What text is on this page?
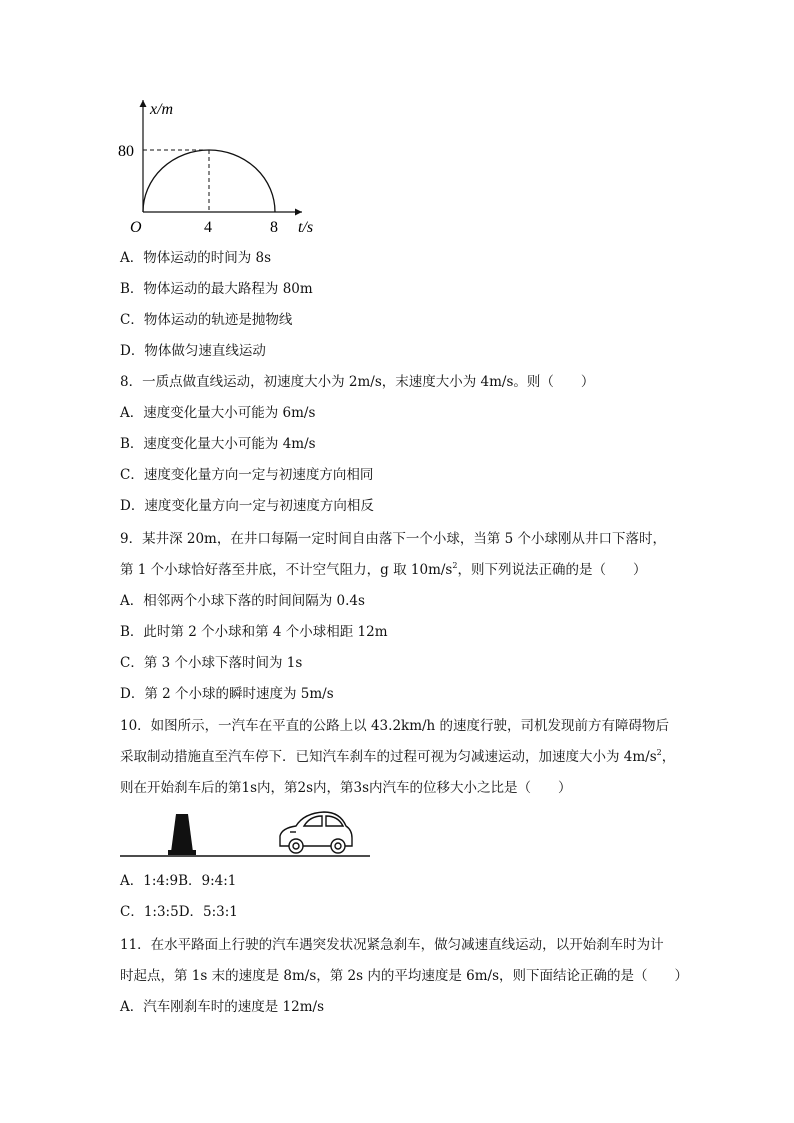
x/m
t/s
O
80
4	8
A．物体运动的时间为 8s
B．物体运动的最大路程为 80m
C．物体运动的轨迹是抛物线
D．物体做匀速直线运动
8．一质点做直线运动，初速度大小为 2m/s，末速度大小为 4m/s。则（　　）
A．速度变化量大小可能为 6m/s
B．速度变化量大小可能为 4m/s
C．速度变化量方向一定与初速度方向相同
D．速度变化量方向一定与初速度方向相反
9．某井深 20m，在井口每隔一定时间自由落下一个小球，当第 5 个小球刚从井口下落时，
第 1 个小球恰好落至井底，不计空气阻力，g 取 $10m/s^2$，则下列说法正确的是（　　）
A．相邻两个小球下落的时间间隔为 0.4s
B．此时第 2 个小球和第 4 个小球相距 12m
C．第 3 个小球下落时间为 1s
D．第 2 个小球的瞬时速度为 5m/s
10．如图所示，一汽车在平直的公路上以 43.2km/h 的速度行驶，司机发现前方有障碍物后
采取制动措施直至汽车停下．已知汽车刹车的过程可视为匀减速运动，加速度大小为 $4m/s^2$，
则在开始刹车后的第1s内，第2s内，第3s内汽车的位移大小之比是（　　）
A．1:4:9B．9:4:1
C．1:3:5D．5:3:1
11．在水平路面上行驶的汽车遇突发状况紧急刹车，做匀减速直线运动，以开始刹车时为计
时起点，第 1s 末的速度是 8m/s，第 2s 内的平均速度是 6m/s，则下面结论正确的是（　　）
A．汽车刚刹车时的速度是 12m/s
